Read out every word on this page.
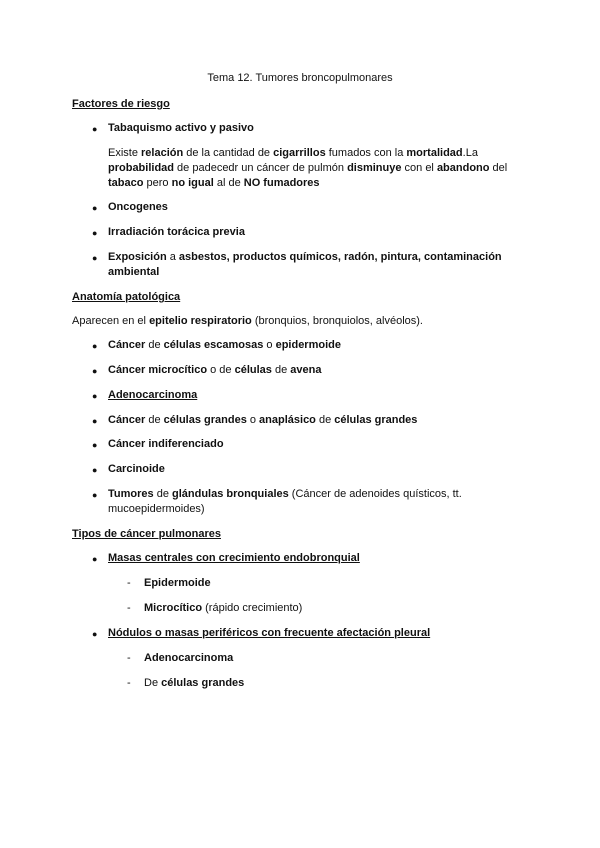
Tema 12. Tumores broncopulmonares
Factores de riesgo
● Tabaquismo activo y pasivo
Existe relación de la cantidad de cigarrillos fumados con la mortalidad.La probabilidad de padecedr un cáncer de pulmón disminuye con el abandono del tabaco pero no igual al de NO fumadores
● Oncogenes
● Irradiación torácica previa
● Exposición a asbestos, productos químicos, radón, pintura, contaminación ambiental
Anatomía patológica
Aparecen en el epitelio respiratorio (bronquios, bronquiolos, alvéolos).
● Cáncer de células escamosas o epidermoide
● Cáncer microcítico o de células de avena
● Adenocarcinoma
● Cáncer de células grandes o anaplásico de células grandes
● Cáncer indiferenciado
● Carcinoide
● Tumores de glándulas bronquiales (Cáncer de adenoides quísticos, tt. mucoepidermoides)
Tipos de cáncer pulmonares
● Masas centrales con crecimiento endobronquial
- Epidermoide
- Microcítico (rápido crecimiento)
● Nódulos o masas periféricos con frecuente afectación pleural
- Adenocarcinoma
- De células grandes
